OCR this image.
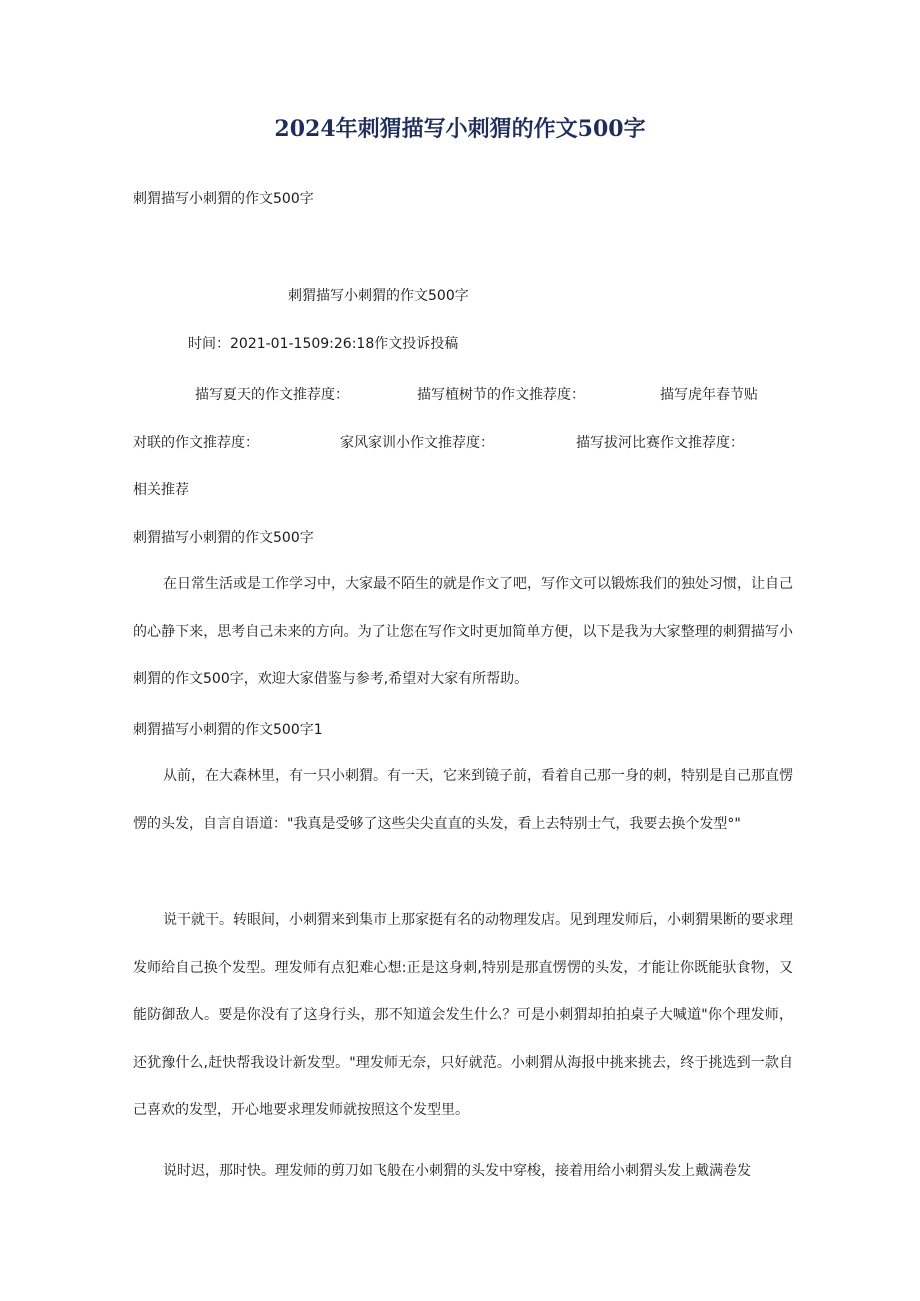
2024年刺猬描写小刺猬的作文500字
刺猬描写小刺猬的作文500字
刺猬描写小刺猬的作文500字
时间：2021-01-1509:26:18作文投诉投稿
描写夏天的作文推荐度：	描写植树节的作文推荐度：	描写虎年春节贴
对联的作文推荐度：	家风家训小作文推荐度：	描写拔河比赛作文推荐度：
相关推荐
刺猬描写小刺猬的作文500字
在日常生活或是工作学习中，大家最不陌生的就是作文了吧，写作文可以锻炼我们的独处习惯，让自己的心静下来，思考自己未来的方向。为了让您在写作文时更加简单方便，以下是我为大家整理的刺猬描写小刺猬的作文500字，欢迎大家借鉴与参考,希望对大家有所帮助。
刺猬描写小刺猬的作文500字1
从前，在大森林里，有一只小刺猬。有一天，它来到镜子前，看着自己那一身的刺，特别是自己那直愣愣的头发，自言自语道："我真是受够了这些尖尖直直的头发，看上去特别士气，我要去换个发型°"
说干就干。转眼间，小刺猬来到集市上那家挺有名的动物理发店。见到理发师后，小刺猬果断的要求理发师给自己换个发型。理发师有点犯难心想:正是这身刺,特别是那直愣愣的头发，才能让你既能驮食物，又能防御敌人。要是你没有了这身行头，那不知道会发生什么？可是小刺猬却拍拍桌子大喊道"你个理发师，还犹豫什么,赶快帮我设计新发型。"理发师无奈，只好就范。小刺猬从海报中挑来挑去，终于挑选到一款自己喜欢的发型，开心地要求理发师就按照这个发型里。
说时迟，那时快。理发师的剪刀如飞般在小刺猬的头发中穿梭，接着用给小刺猬头发上戴满卷发
